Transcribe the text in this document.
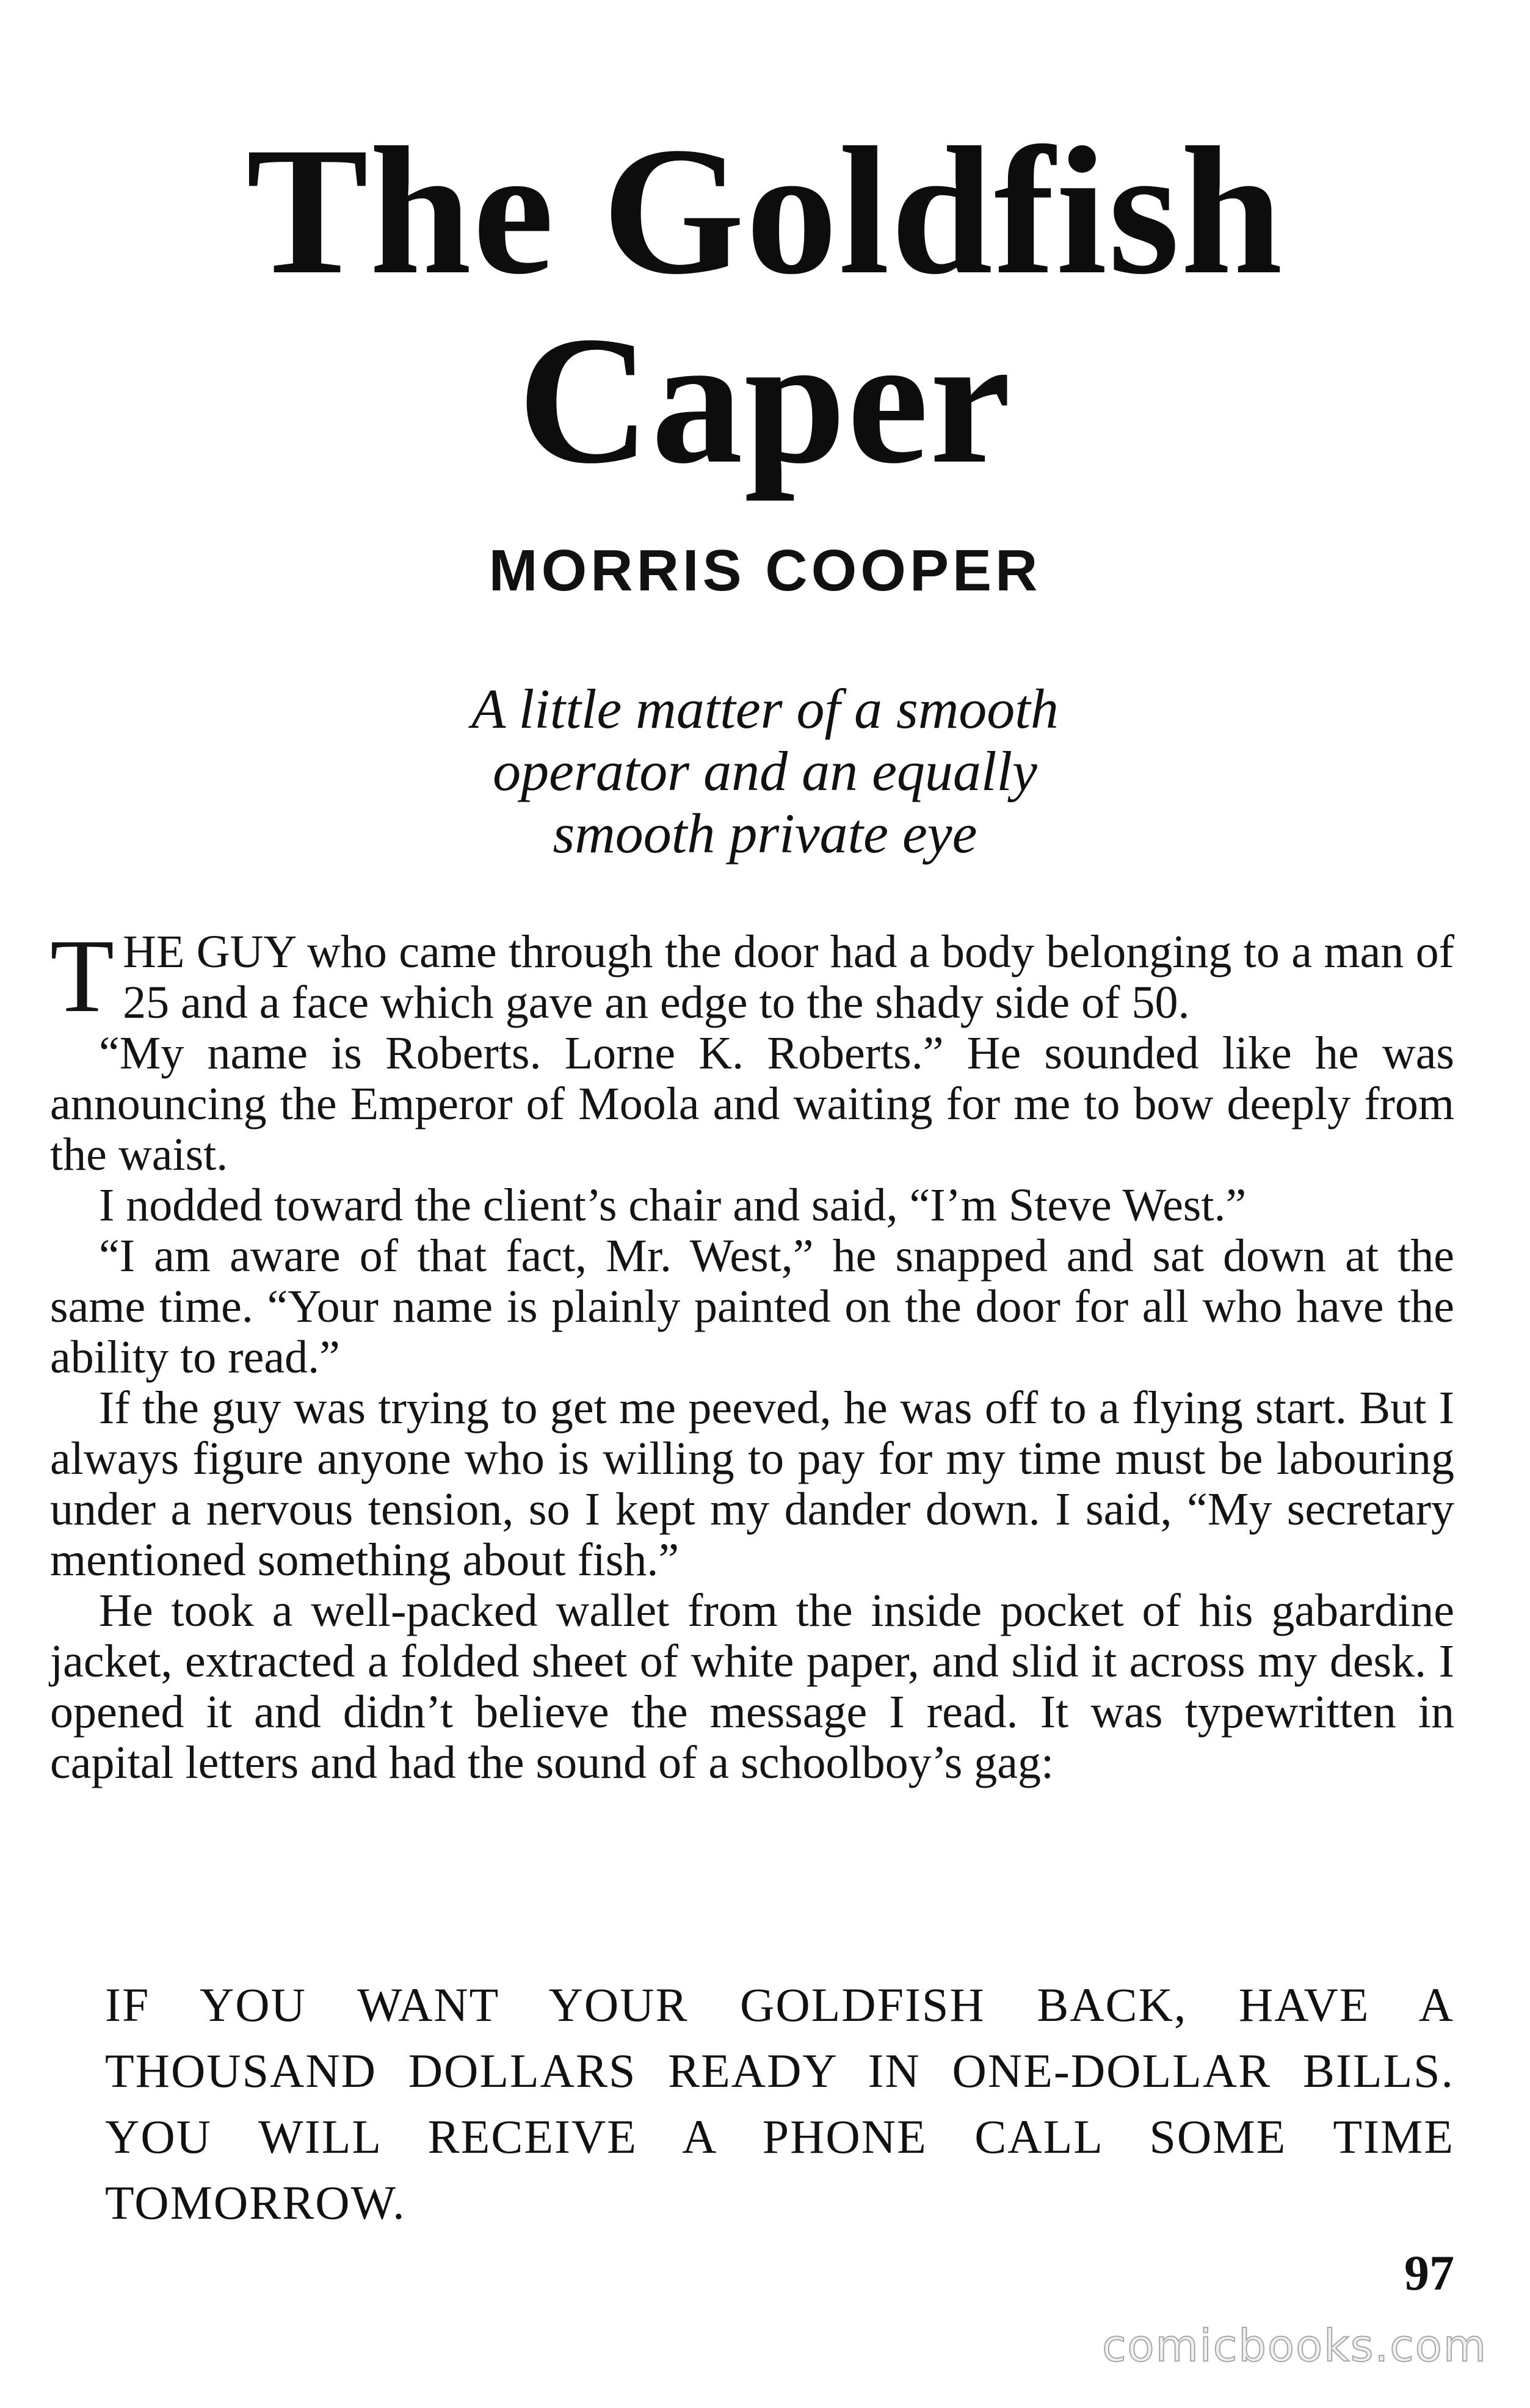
The Goldfish
Caper
MORRIS COOPER
A little matter of a smooth
operator and an equally
smooth private eye

THE GUY who came through the door had a body belonging to a man of 25 and a face which gave an edge to the shady side of 50.

“My name is Roberts. Lorne K. Roberts.” He sounded like he was announcing the Emperor of Moola and waiting for me to bow deeply from the waist.

I nodded toward the client’s chair and said, “I’m Steve West.”

“I am aware of that fact, Mr. West,” he snapped and sat down at the same time. “Your name is plainly painted on the door for all who have the ability to read.”

If the guy was trying to get me peeved, he was off to a flying start. But I always figure anyone who is willing to pay for my time must be labouring under a nervous tension, so I kept my dander down. I said, “My secretary mentioned something about fish.”

He took a well-packed wallet from the inside pocket of his gabardine jacket, extracted a folded sheet of white paper, and slid it across my desk. I opened it and didn’t believe the message I read. It was typewritten in capital letters and had the sound of a schoolboy’s gag:

IF YOU WANT YOUR GOLDFISH BACK, HAVE A THOUSAND DOLLARS READY IN ONE-DOLLAR BILLS. YOU WILL RECEIVE A PHONE CALL SOME TIME TOMORROW.
97
comicbooks.com
